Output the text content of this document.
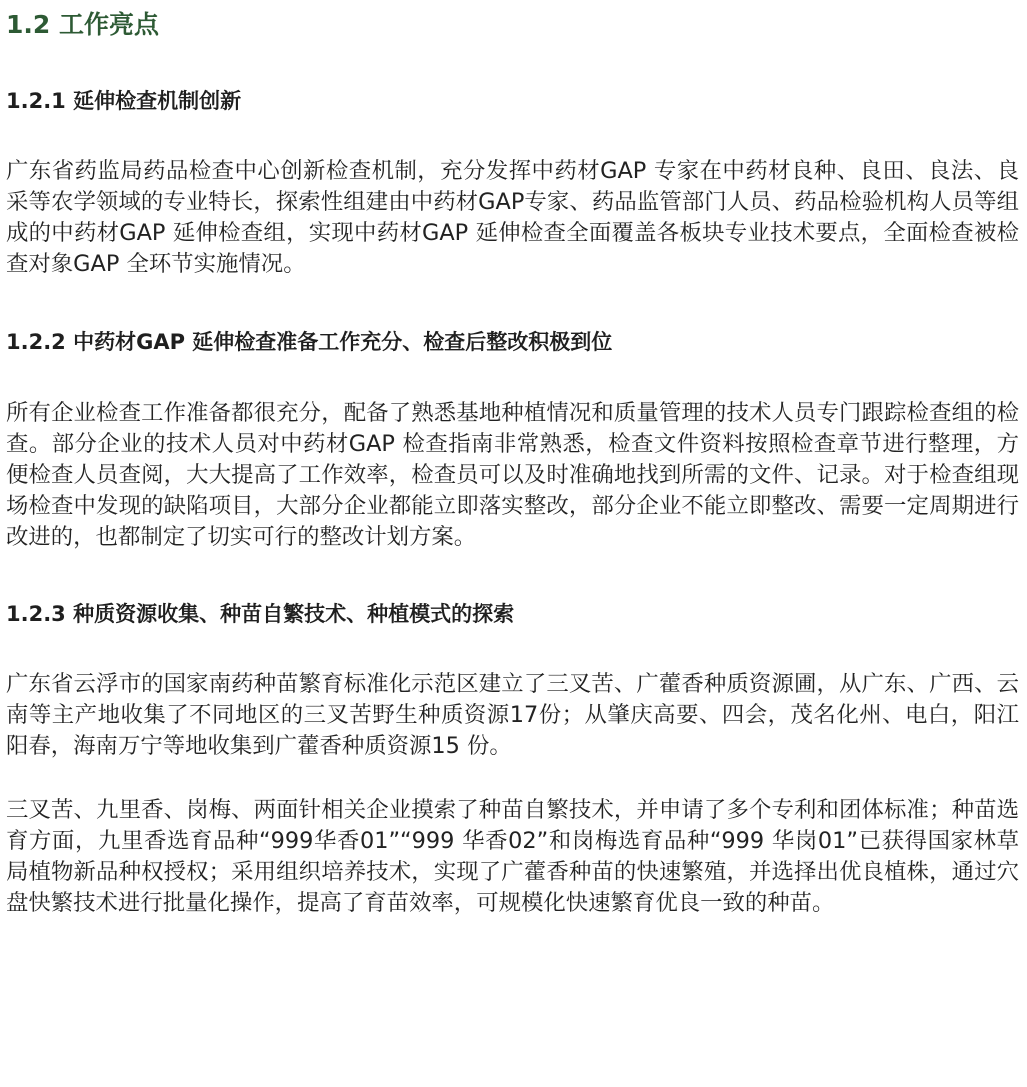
1.2 工作亮点
1.2.1 延伸检查机制创新

广东省药监局药品检查中心创新检查机制，充分发挥中药材GAP 专家在中药材良种、良田、良法、良采等农学领域的专业特长，探索性组建由中药材GAP专家、药品监管部门人员、药品检验机构人员等组成的中药材GAP 延伸检查组，实现中药材GAP 延伸检查全面覆盖各板块专业技术要点，全面检查被检查对象GAP 全环节实施情况。

1.2.2 中药材GAP 延伸检查准备工作充分、检查后整改积极到位

所有企业检查工作准备都很充分，配备了熟悉基地种植情况和质量管理的技术人员专门跟踪检查组的检查。部分企业的技术人员对中药材GAP 检查指南非常熟悉，检查文件资料按照检查章节进行整理，方便检查人员查阅，大大提高了工作效率，检查员可以及时准确地找到所需的文件、记录。对于检查组现场检查中发现的缺陷项目，大部分企业都能立即落实整改，部分企业不能立即整改、需要一定周期进行改进的，也都制定了切实可行的整改计划方案。

1.2.3 种质资源收集、种苗自繁技术、种植模式的探索

广东省云浮市的国家南药种苗繁育标准化示范区建立了三叉苦、广藿香种质资源圃，从广东、广西、云南等主产地收集了不同地区的三叉苦野生种质资源17份；从肇庆高要、四会，茂名化州、电白，阳江阳春，海南万宁等地收集到广藿香种质资源15 份。

三叉苦、九里香、岗梅、两面针相关企业摸索了种苗自繁技术，并申请了多个专利和团体标准；种苗选育方面，九里香选育品种“999华香01”“999 华香02”和岗梅选育品种“999 华岗01”已获得国家林草局植物新品种权授权；采用组织培养技术，实现了广藿香种苗的快速繁殖，并选择出优良植株，通过穴盘快繁技术进行批量化操作，提高了育苗效率，可规模化快速繁育优良一致的种苗。
